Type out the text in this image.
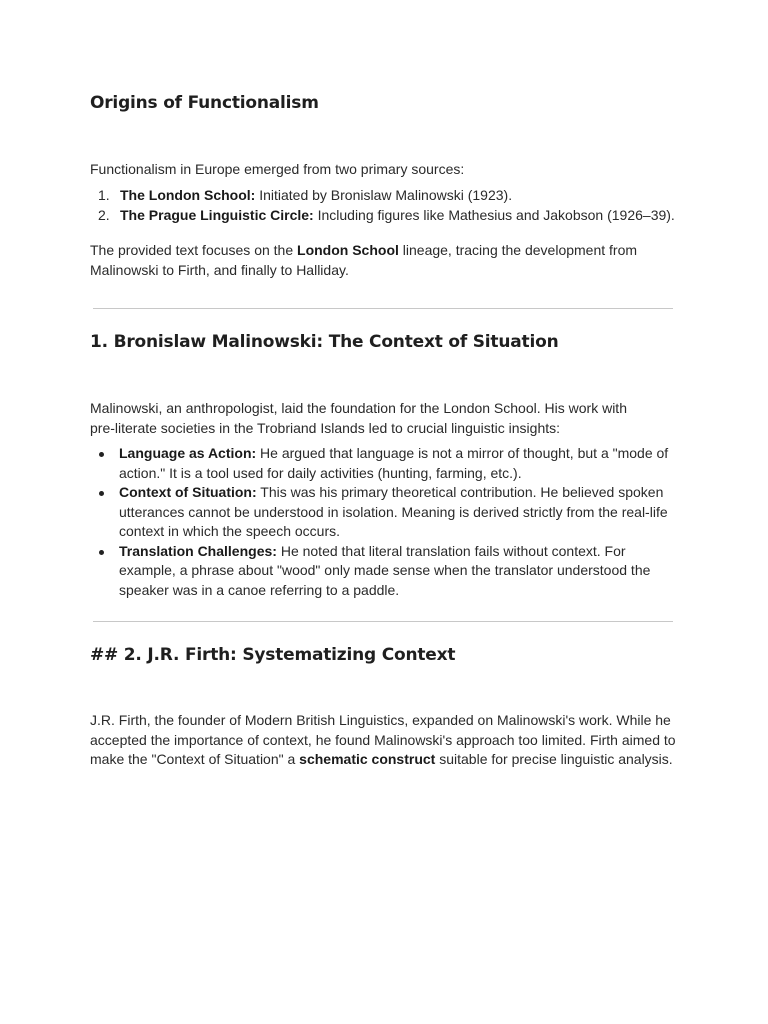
Origins of Functionalism

Functionalism in Europe emerged from two primary sources:

1. The London School: Initiated by Bronislaw Malinowski (1923).
2. The Prague Linguistic Circle: Including figures like Mathesius and Jakobson (1926–39).

The provided text focuses on the London School lineage, tracing the development from Malinowski to Firth, and finally to Halliday.

1. Bronislaw Malinowski: The Context of Situation

Malinowski, an anthropologist, laid the foundation for the London School. His work with pre-literate societies in the Trobriand Islands led to crucial linguistic insights:

Language as Action: He argued that language is not a mirror of thought, but a "mode of action." It is a tool used for daily activities (hunting, farming, etc.).
Context of Situation: This was his primary theoretical contribution. He believed spoken utterances cannot be understood in isolation. Meaning is derived strictly from the real-life context in which the speech occurs.
Translation Challenges: He noted that literal translation fails without context. For example, a phrase about "wood" only made sense when the translator understood the speaker was in a canoe referring to a paddle.
## 2. J.R. Firth: Systematizing Context

J.R. Firth, the founder of Modern British Linguistics, expanded on Malinowski's work. While he accepted the importance of context, he found Malinowski's approach too limited. Firth aimed to make the "Context of Situation" a schematic construct suitable for precise linguistic analysis.
